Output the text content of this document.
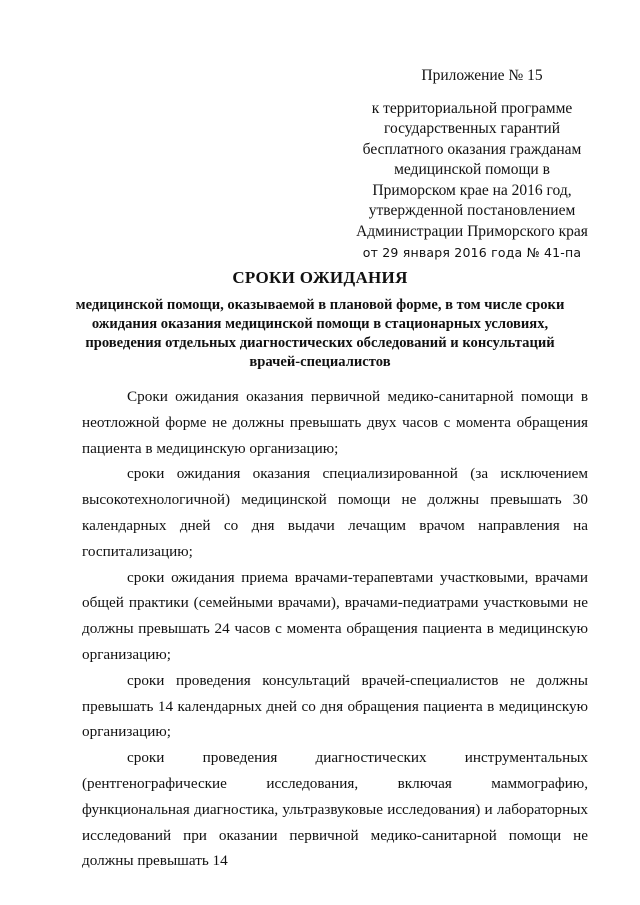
Приложение № 15
к территориальной программе
государственных гарантий
бесплатного оказания гражданам
медицинской помощи в
Приморском крае на 2016 год,
утвержденной постановлением
Администрации Приморского края
от 29 января 2016 года № 41-па
СРОКИ ОЖИДАНИЯ
медицинской помощи, оказываемой в плановой форме, в том числе сроки
ожидания оказания медицинской помощи в стационарных условиях,
проведения отдельных диагностических обследований и консультаций
врачей-специалистов

Сроки ожидания оказания первичной медико-санитарной помощи в неотложной форме не должны превышать двух часов с момента обращения пациента в медицинскую организацию;

сроки ожидания оказания специализированной (за исключением высокотехнологичной) медицинской помощи не должны превышать 30 календарных дней со дня выдачи лечащим врачом направления на госпитализацию;

сроки ожидания приема врачами-терапевтами участковыми, врачами общей практики (семейными врачами), врачами-педиатрами участковыми не должны превышать 24 часов с момента обращения пациента в медицинскую организацию;

сроки проведения консультаций врачей-специалистов не должны превышать 14 календарных дней со дня обращения пациента в медицинскую организацию;

сроки проведения диагностических инструментальных (рентгенографические исследования, включая маммографию, функциональная диагностика, ультразвуковые исследования) и лабораторных исследований при оказании первичной медико-санитарной помощи не должны превышать 14
